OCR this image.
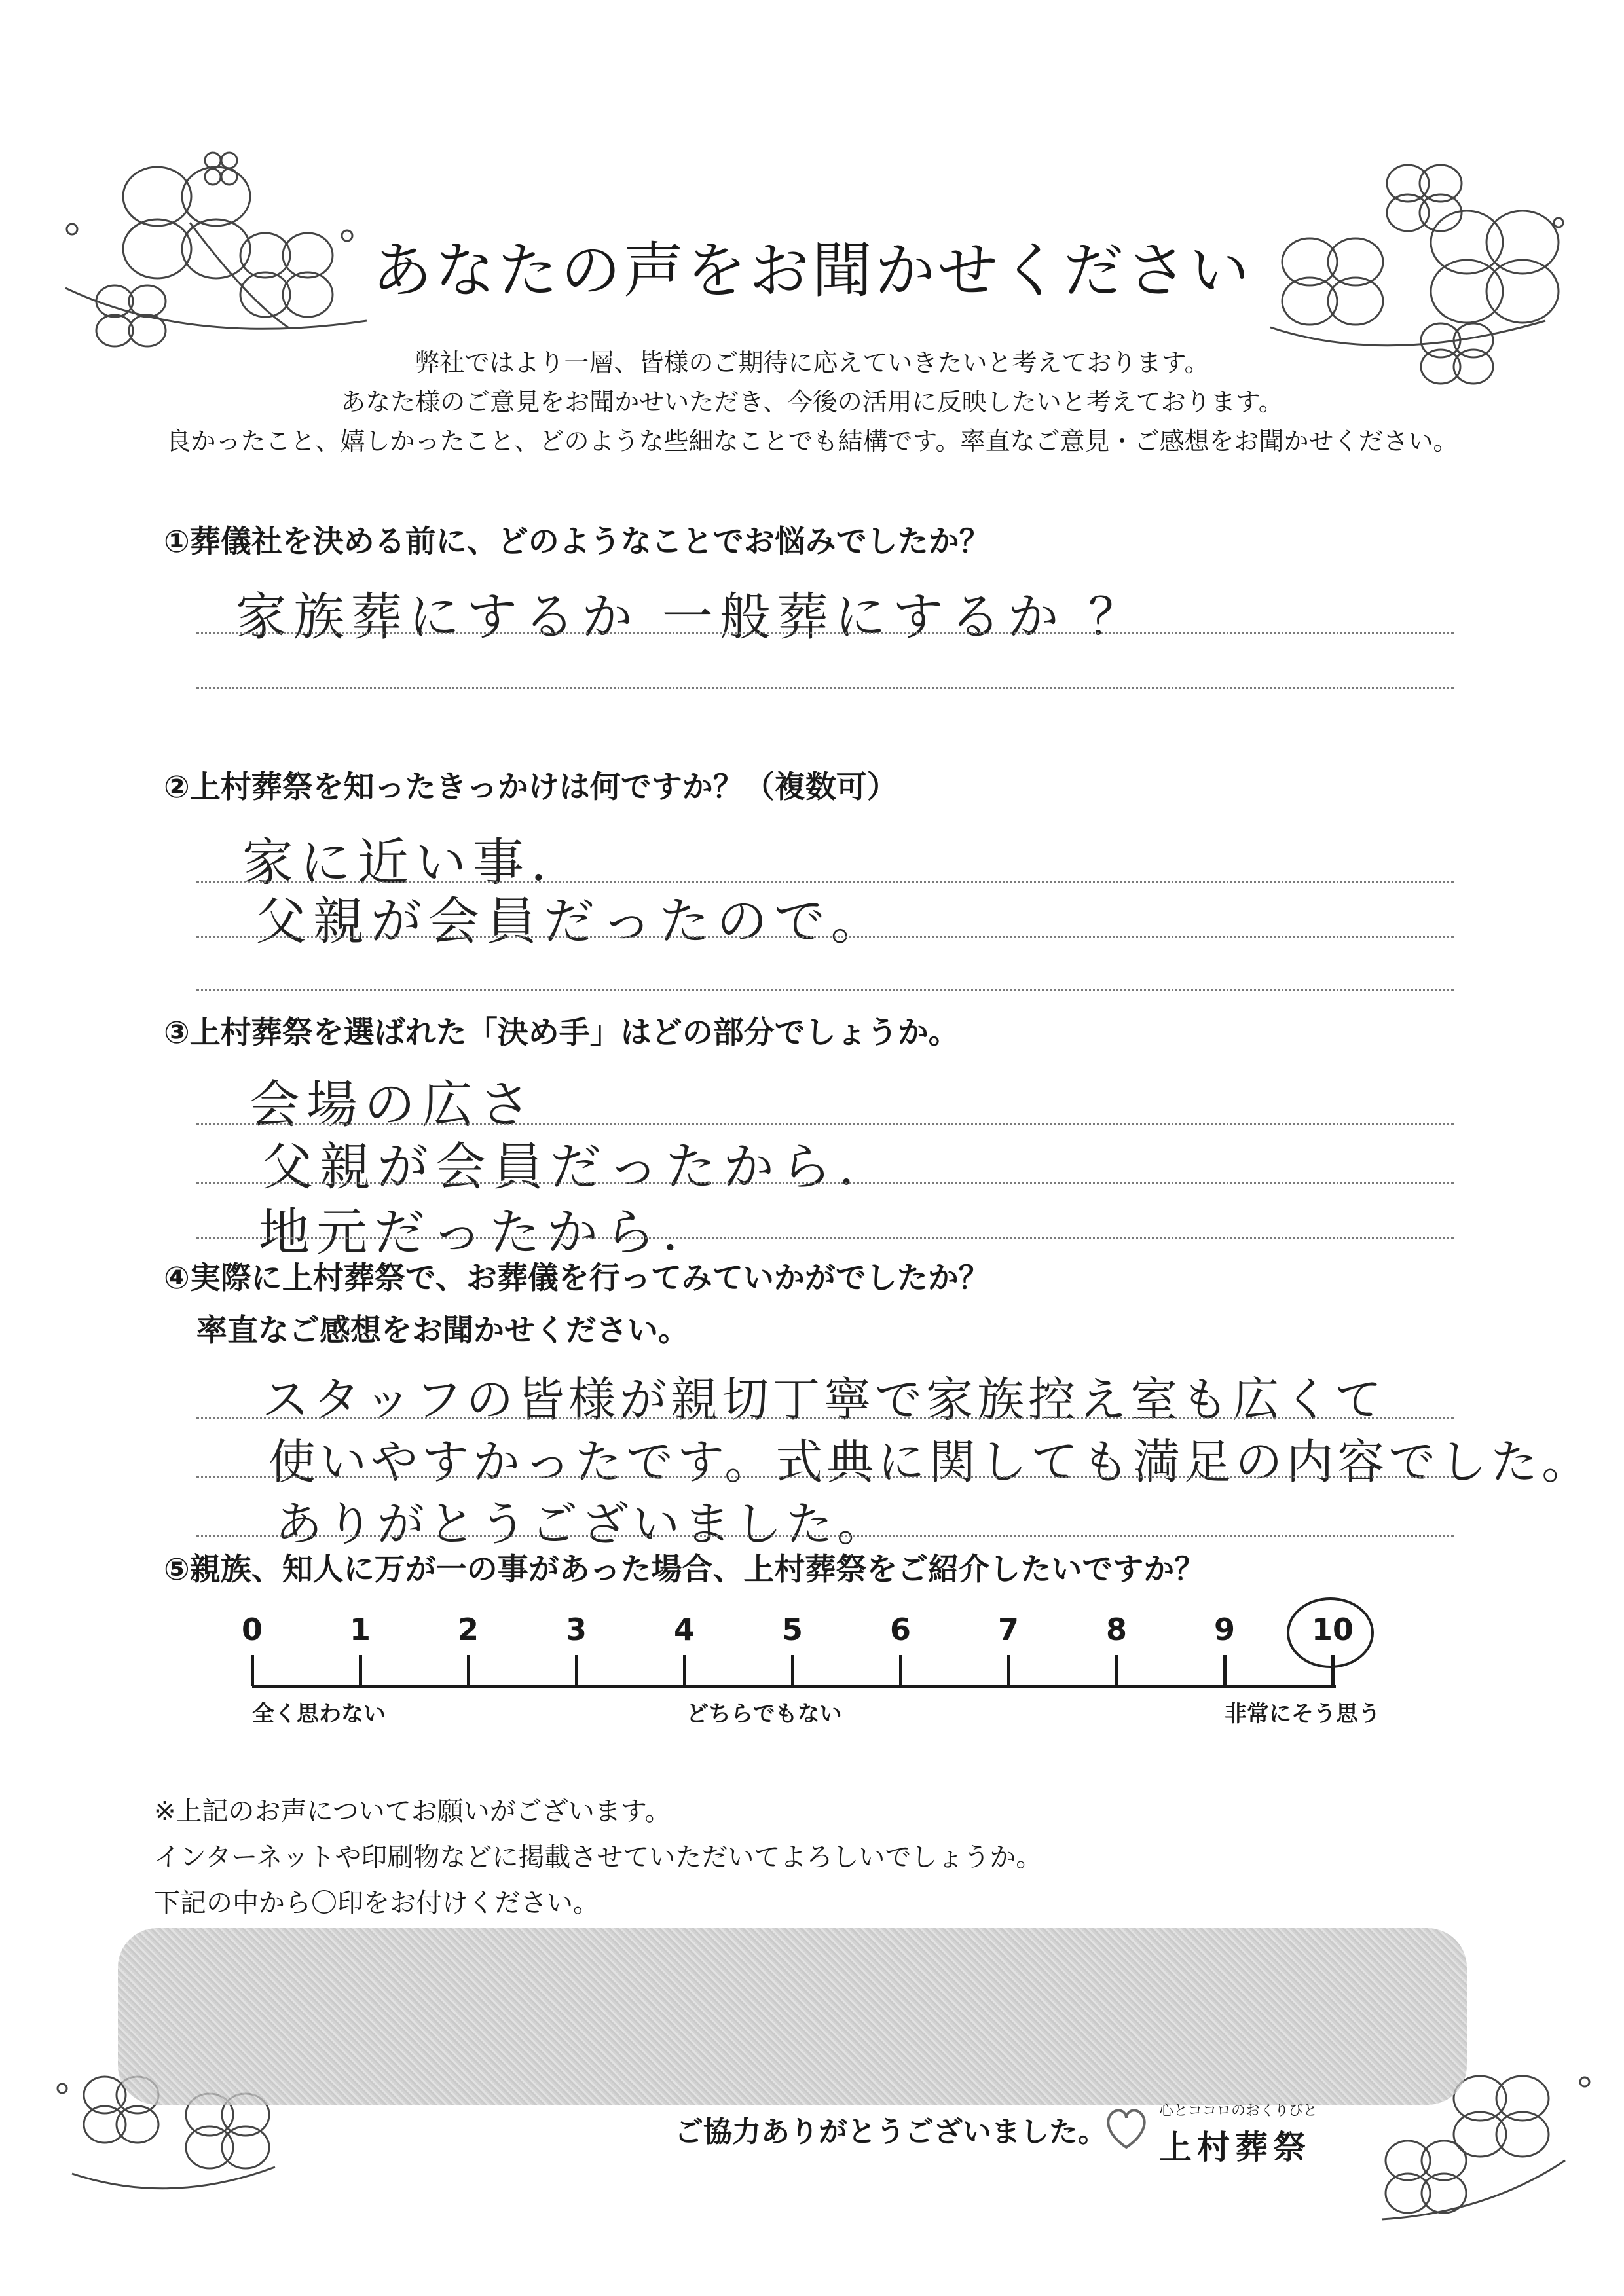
あなたの声をお聞かせください
弊社ではより一層、皆様のご期待に応えていきたいと考えております。
あなた様のご意見をお聞かせいただき、今後の活用に反映したいと考えております。
良かったこと、嬉しかったこと、どのような些細なことでも結構です。率直なご意見・ご感想をお聞かせください。
①葬儀社を決める前に、どのようなことでお悩みでしたか？
家族葬にするか 一般葬にするか ？
②上村葬祭を知ったきっかけは何ですか？（複数可）
家に近い事.
父親が会員だったので。
③上村葬祭を選ばれた「決め手」はどの部分でしょうか。
会場の広さ
父親が会員だったから.
地元だったから.
④実際に上村葬祭で、お葬儀を行ってみていかがでしたか？
率直なご感想をお聞かせください。
スタッフの皆様が親切丁寧で家族控え室も広くて
使いやすかったです。式典に関しても満足の内容でした。
ありがとうございました。
⑤親族、知人に万が一の事があった場合、上村葬祭をご紹介したいですか？
0	1	2	3	4	5	6	7	8	9	10
全く思わない	どちらでもない	非常にそう思う
※上記のお声についてお願いがございます。
インターネットや印刷物などに掲載させていただいてよろしいでしょうか。
下記の中から〇印をお付けください。
ご協力ありがとうございました。
心とココロのおくりびと
上村葬祭
